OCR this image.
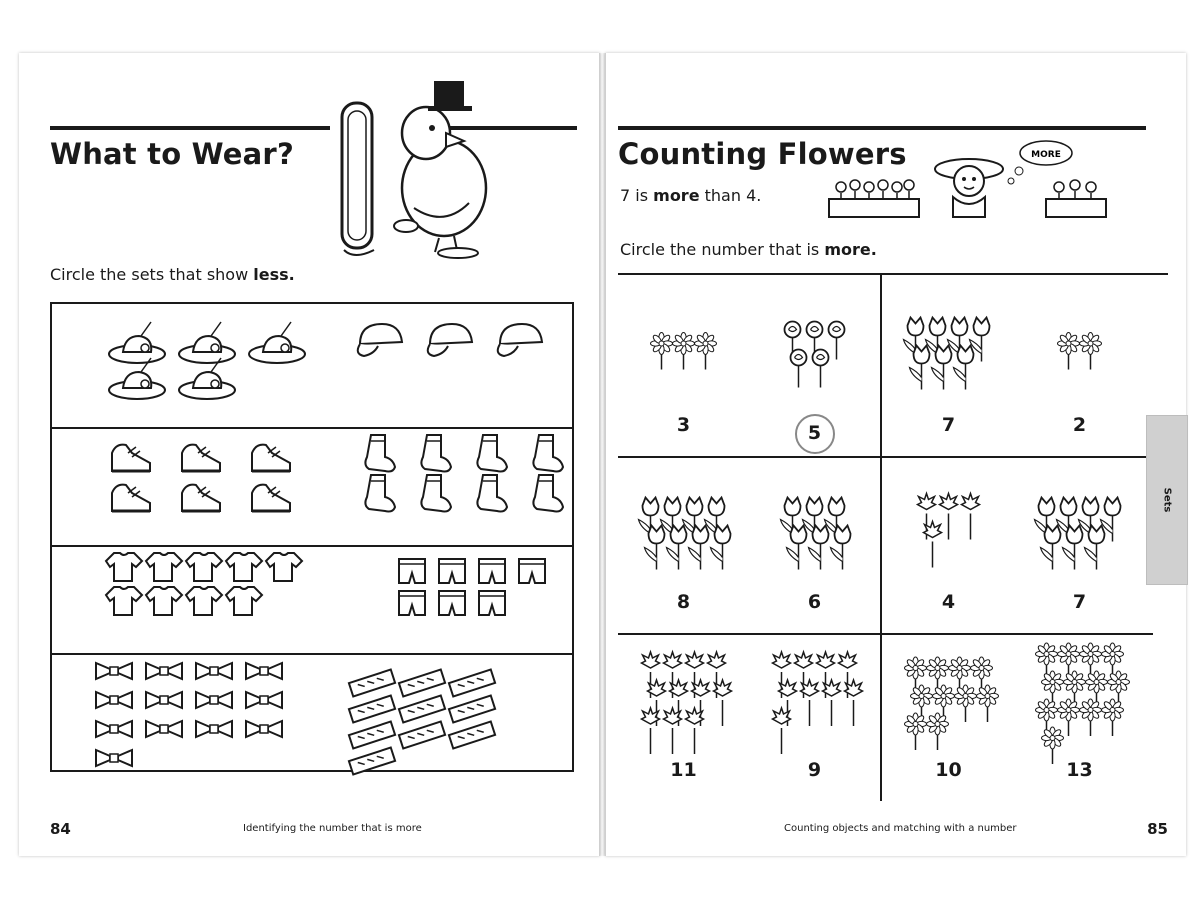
What to Wear?
Circle the sets that show less.
84	Identifying the number that is more
Counting Flowers
7 is more than 4.
MORE
Circle the number that is more.
3	5	7	2
8	6	4	7
11	9	10	13
Sets
85
Counting objects and matching with a number
